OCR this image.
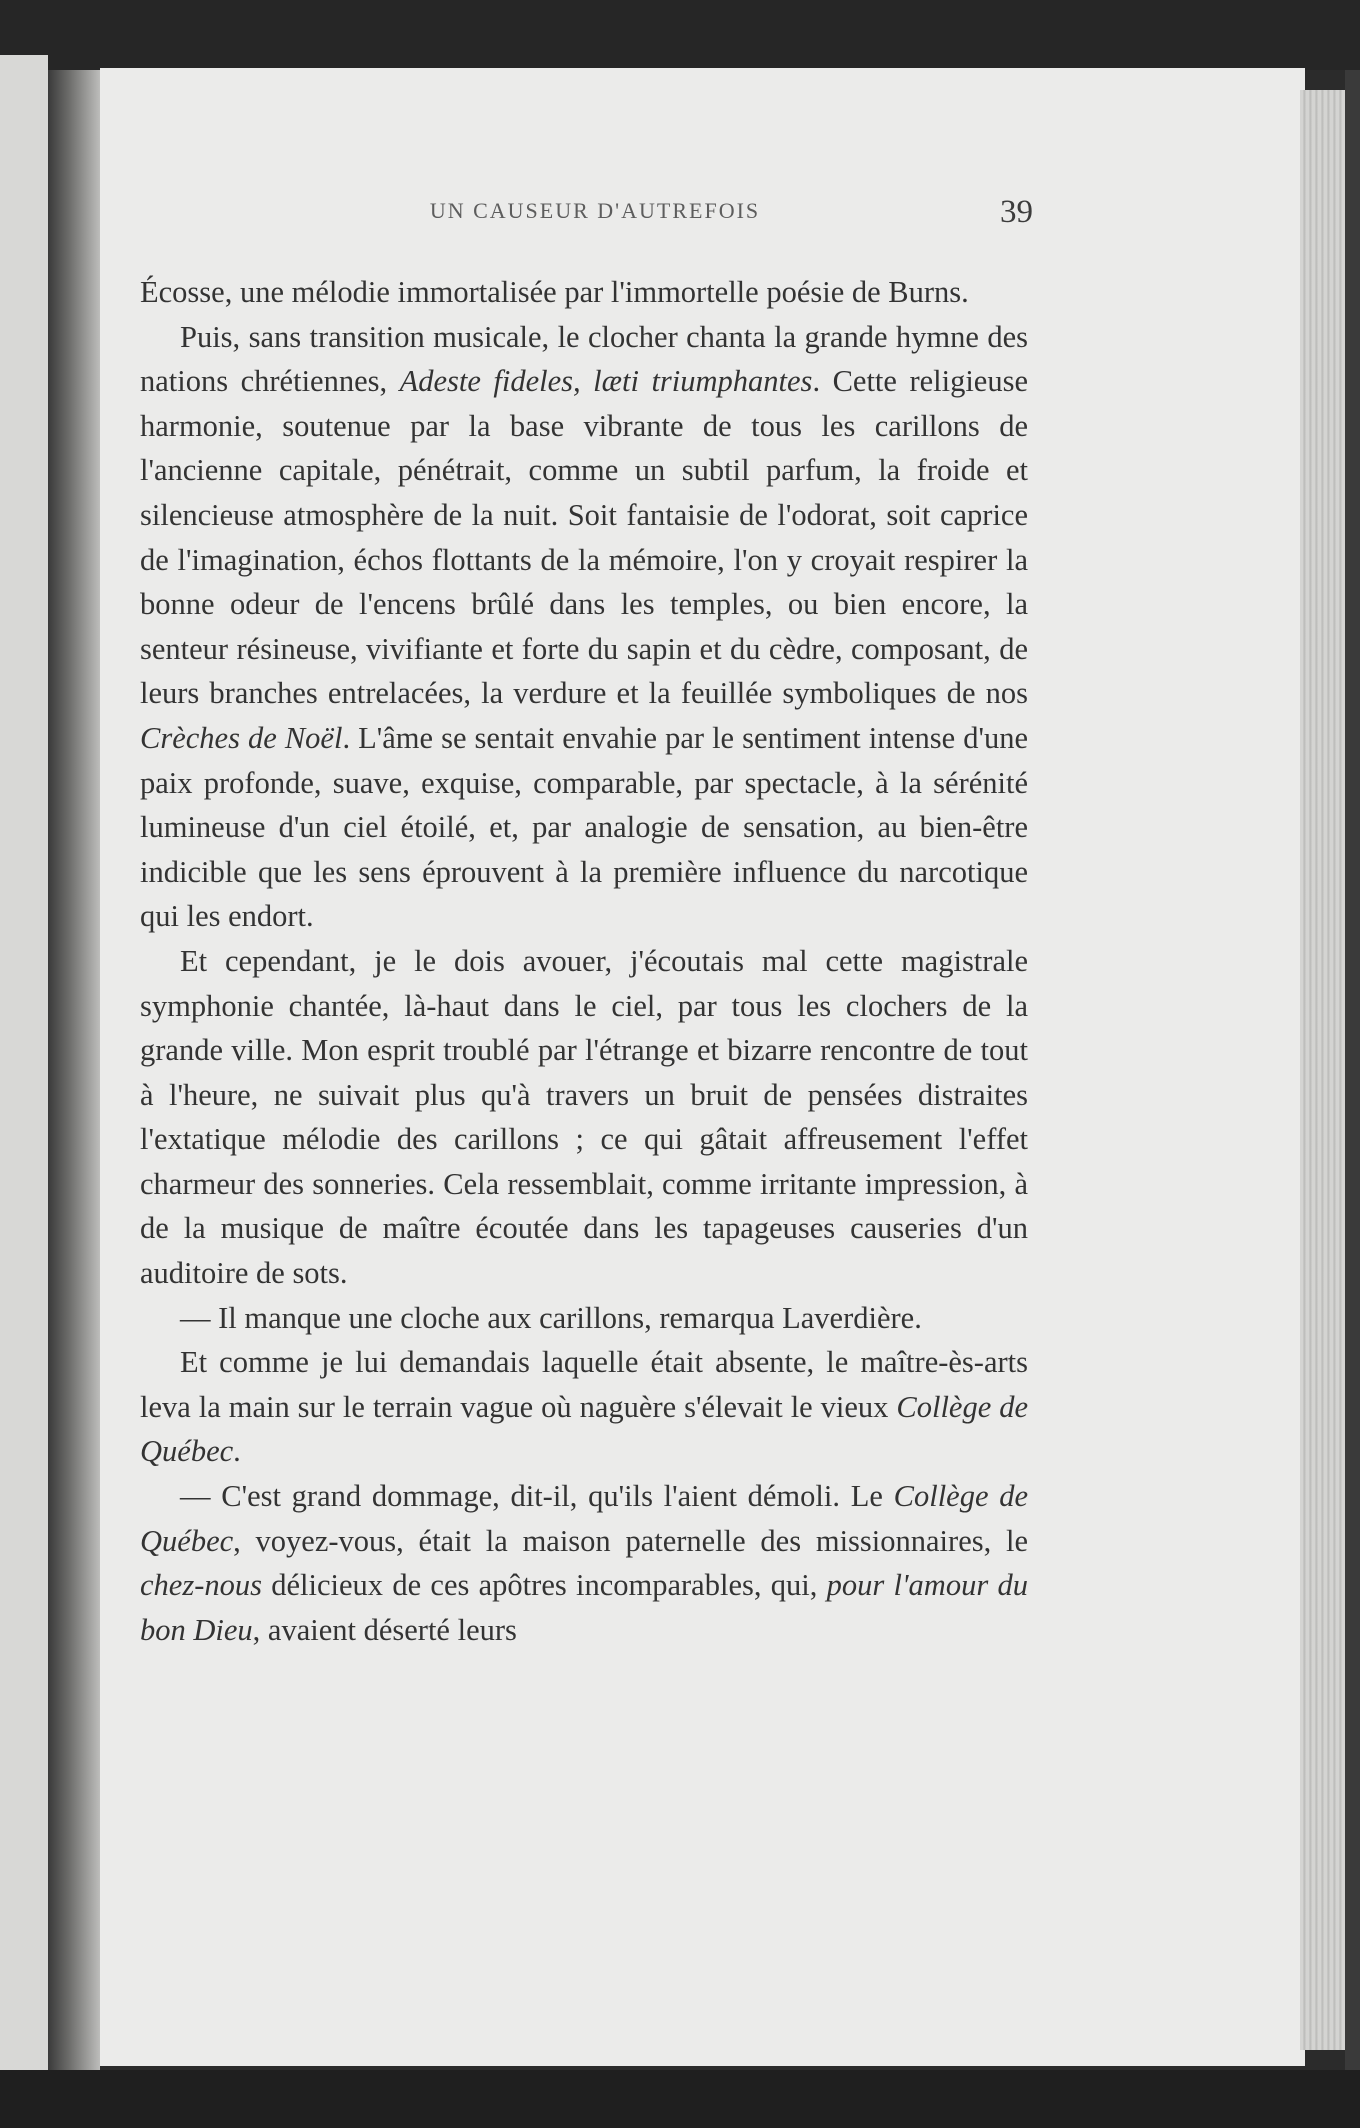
UN CAUSEUR D'AUTREFOIS	39

Écosse, une mélodie immortalisée par l'immortelle poésie de Burns.

Puis, sans transition musicale, le clocher chanta la grande hymne des nations chrétiennes, Adeste fideles, læti triumphantes. Cette religieuse harmonie, soutenue par la base vibrante de tous les carillons de l'ancienne capitale, pénétrait, comme un subtil parfum, la froide et silencieuse atmosphère de la nuit. Soit fantaisie de l'odorat, soit caprice de l'imagination, échos flottants de la mémoire, l'on y croyait respirer la bonne odeur de l'encens brûlé dans les temples, ou bien encore, la senteur résineuse, vivifiante et forte du sapin et du cèdre, composant, de leurs branches entrelacées, la verdure et la feuillée symboliques de nos Crèches de Noël. L'âme se sentait envahie par le sentiment intense d'une paix profonde, suave, exquise, comparable, par spectacle, à la sérénité lumineuse d'un ciel étoilé, et, par analogie de sensation, au bien-être indicible que les sens éprouvent à la première influence du narcotique qui les endort.

Et cependant, je le dois avouer, j'écoutais mal cette magistrale symphonie chantée, là-haut dans le ciel, par tous les clochers de la grande ville. Mon esprit troublé par l'étrange et bizarre rencontre de tout à l'heure, ne suivait plus qu'à travers un bruit de pensées distraites l'extatique mélodie des carillons ; ce qui gâtait affreusement l'effet charmeur des sonneries. Cela ressemblait, comme irritante impression, à de la musique de maître écoutée dans les tapageuses causeries d'un auditoire de sots.

— Il manque une cloche aux carillons, remarqua Laverdière.

Et comme je lui demandais laquelle était absente, le maître-ès-arts leva la main sur le terrain vague où naguère s'élevait le vieux Collège de Québec.

— C'est grand dommage, dit-il, qu'ils l'aient démoli. Le Collège de Québec, voyez-vous, était la maison paternelle des missionnaires, le chez-nous délicieux de ces apôtres incomparables, qui, pour l'amour du bon Dieu, avaient déserté leurs
